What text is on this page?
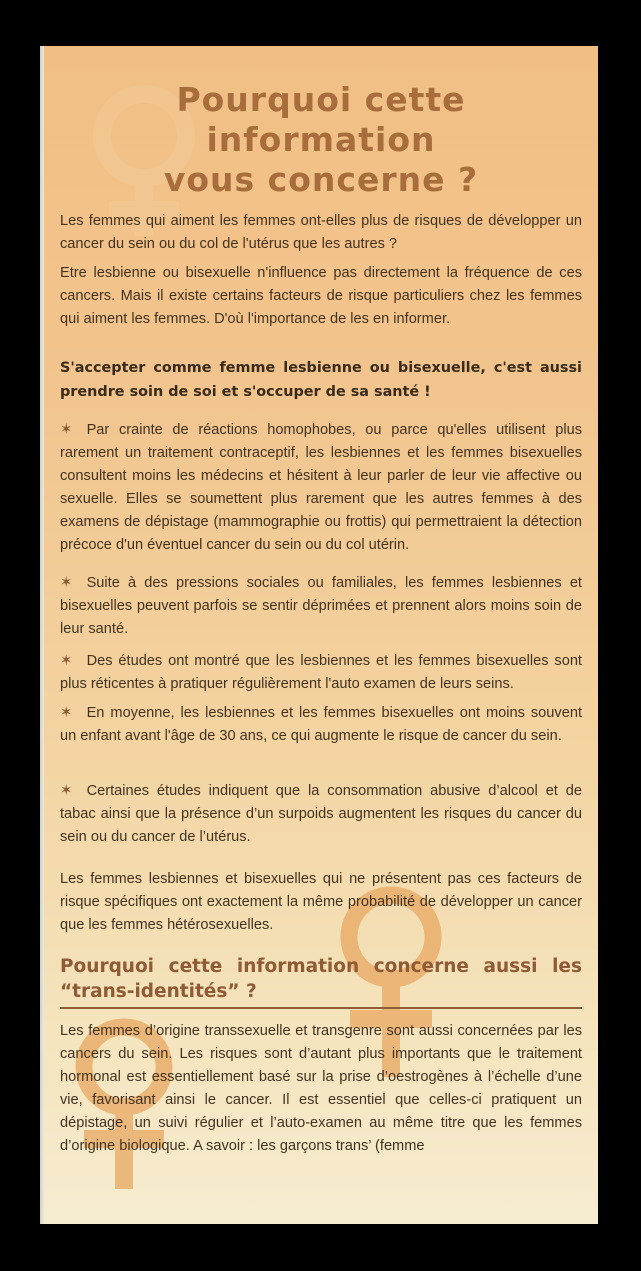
Pourquoi cette
information
vous concerne ?
Les femmes qui aiment les femmes ont-elles plus de risques de développer un cancer du sein ou du col de l'utérus que les autres ?
Etre lesbienne ou bisexuelle n'influence pas directement la fréquence de ces cancers. Mais il existe certains facteurs de risque particuliers chez les femmes qui aiment les femmes. D'où l'importance de les en informer.
S'accepter comme femme lesbienne ou bisexuelle, c'est aussi prendre soin de soi et s'occuper de sa santé !
✶ Par crainte de réactions homophobes, ou parce qu'elles utilisent plus rarement un traitement contraceptif, les lesbiennes et les femmes bisexuelles consultent moins les médecins et hésitent à leur parler de leur vie affective ou sexuelle. Elles se soumettent plus rarement que les autres femmes à des examens de dépistage (mammographie ou frottis) qui permettraient la détection précoce d'un éventuel cancer du sein ou du col utérin.
✶ Suite à des pressions sociales ou familiales, les femmes lesbiennes et bisexuelles peuvent parfois se sentir déprimées et prennent alors moins soin de leur santé.
✶ Des études ont montré que les lesbiennes et les femmes bisexuelles sont plus réticentes à pratiquer régulièrement l'auto examen de leurs seins.
✶ En moyenne, les lesbiennes et les femmes bisexuelles ont moins souvent un enfant avant l'âge de 30 ans, ce qui augmente le risque de cancer du sein.
✶ Certaines études indiquent que la consommation abusive d’alcool et de tabac ainsi que la présence d’un surpoids augmentent les risques du cancer du sein ou du cancer de l’utérus.
Les femmes lesbiennes et bisexuelles qui ne présentent pas ces facteurs de risque spécifiques ont exactement la même probabilité de développer un cancer que les femmes hétérosexuelles.
Pourquoi cette information concerne aussi les “trans-identités” ?
Les femmes d’origine transsexuelle et transgenre sont aussi concernées par les cancers du sein. Les risques sont d’autant plus importants que le traitement hormonal est essentiellement basé sur la prise d’oestrogènes à l’échelle d’une vie, favorisant ainsi le cancer. Il est essentiel que celles-ci pratiquent un dépistage, un suivi régulier et l’auto-examen au même titre que les femmes d’origine biologique. A savoir : les garçons trans’ (femme
